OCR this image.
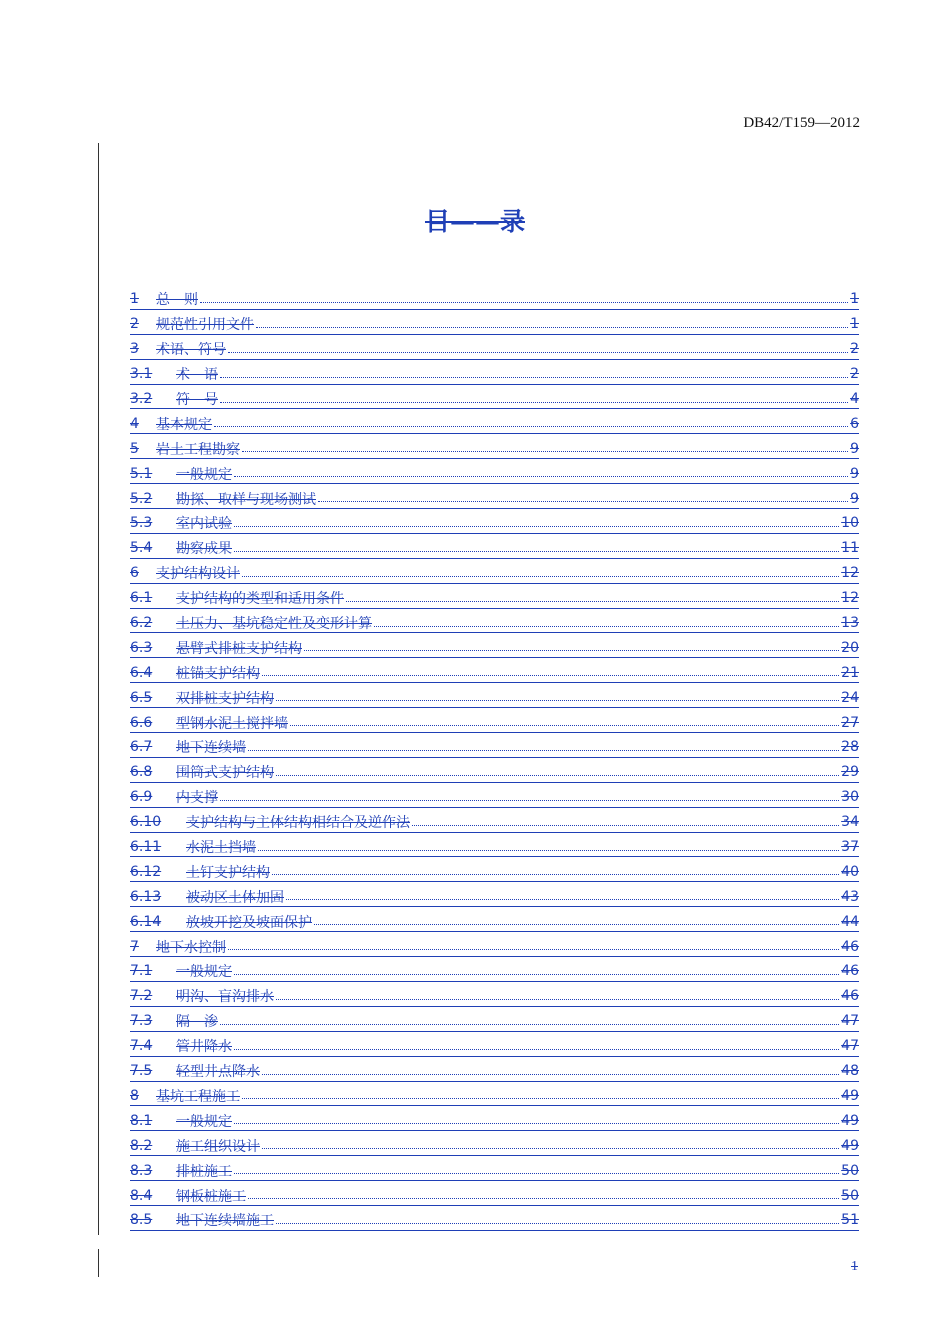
DB42/T159—2012
目——录
1	总　则	1
2	规范性引用文件	1
3	术语、符号	2
3.1	术　语	2
3.2	符　号	4
4	基本规定	6
5	岩土工程勘察	9
5.1	一般规定	9
5.2	勘探、取样与现场测试	9
5.3	室内试验	10
5.4	勘察成果	11
6	支护结构设计	12
6.1	支护结构的类型和适用条件	12
6.2	土压力、基坑稳定性及变形计算	13
6.3	悬臂式排桩支护结构	20
6.4	桩锚支护结构	21
6.5	双排桩支护结构	24
6.6	型钢水泥土搅拌墙	27
6.7	地下连续墙	28
6.8	围筒式支护结构	29
6.9	内支撑	30
6.10	支护结构与主体结构相结合及逆作法	34
6.11	水泥土挡墙	37
6.12	土钉支护结构	40
6.13	被动区土体加固	43
6.14	放坡开挖及坡面保护	44
7	地下水控制	46
7.1	一般规定	46
7.2	明沟、盲沟排水	46
7.3	隔　渗	47
7.4	管井降水	47
7.5	轻型井点降水	48
8	基坑工程施工	49
8.1	一般规定	49
8.2	施工组织设计	49
8.3	排桩施工	50
8.4	钢板桩施工	50
8.5	地下连续墙施工	51
1
